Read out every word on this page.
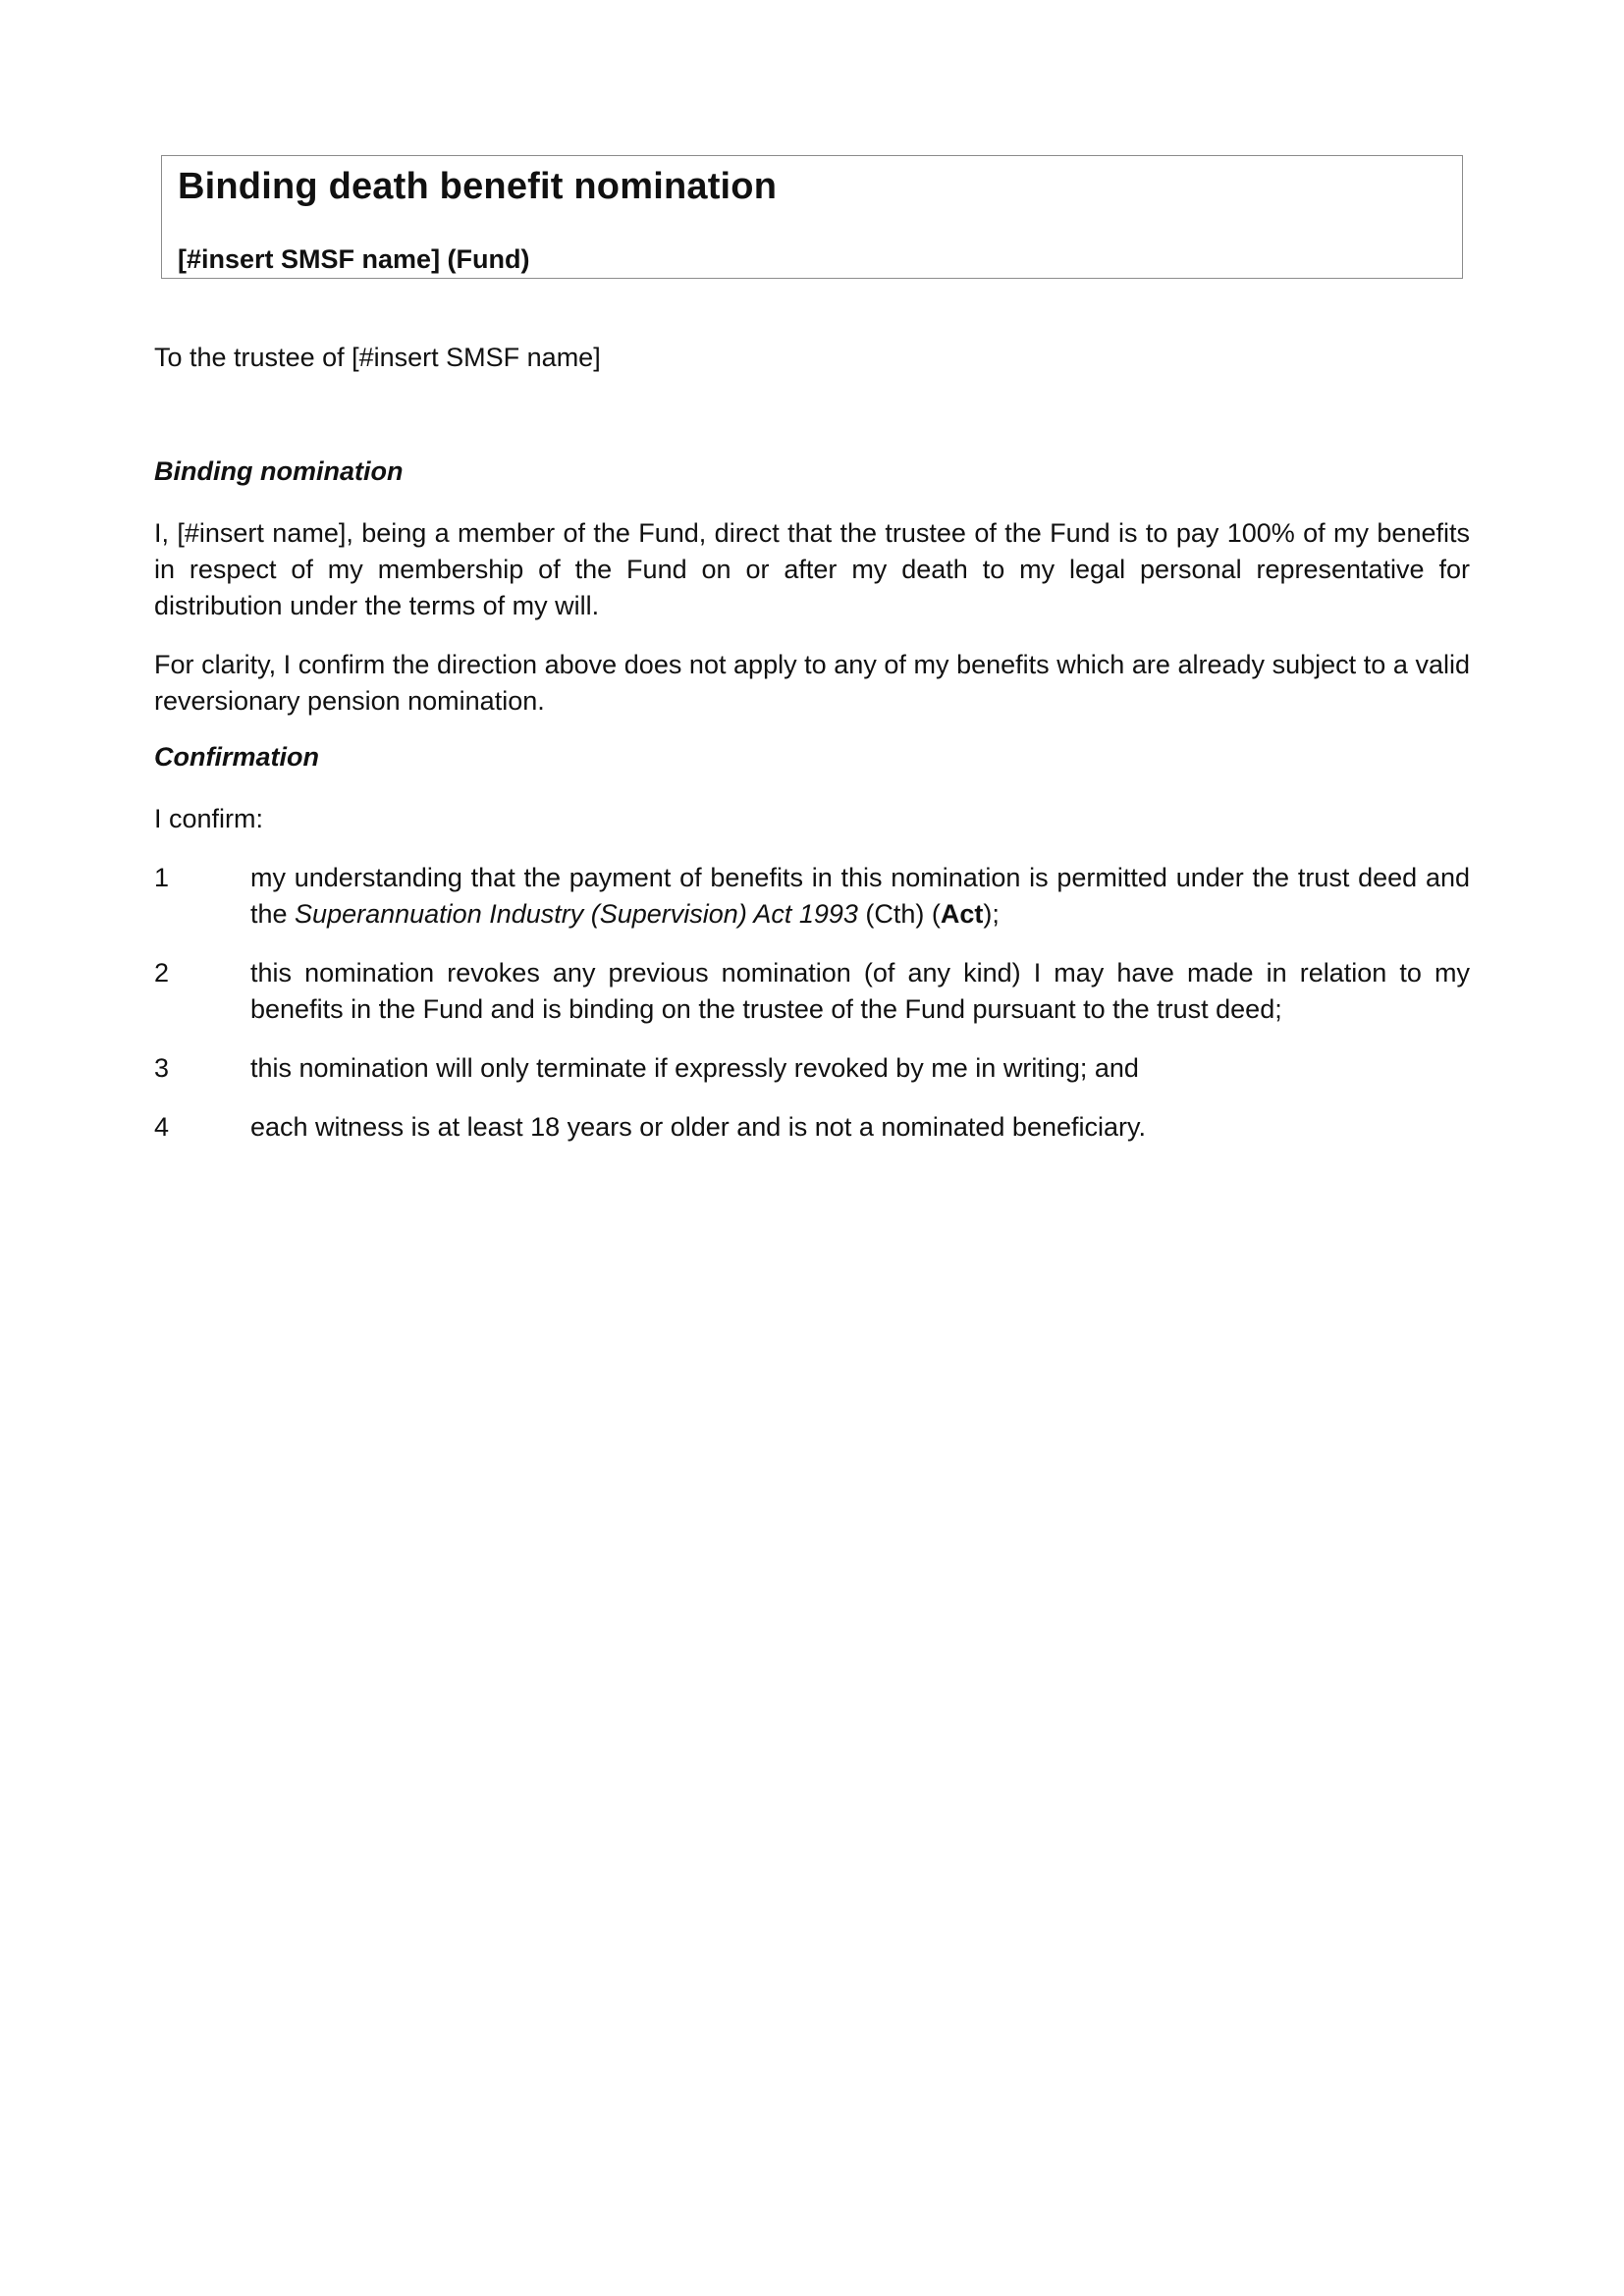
Binding death benefit nomination
[#insert SMSF name] (Fund)
To the trustee of [#insert SMSF name]
Binding nomination
I, [#insert name], being a member of the Fund, direct that the trustee of the Fund is to pay 100% of my benefits in respect of my membership of the Fund on or after my death to my legal personal representative for distribution under the terms of my will.
For clarity, I confirm the direction above does not apply to any of my benefits which are already subject to a valid reversionary pension nomination.
Confirmation
I confirm:
1	my understanding that the payment of benefits in this nomination is permitted under the trust deed and the Superannuation Industry (Supervision) Act 1993 (Cth) (Act);
2	this nomination revokes any previous nomination (of any kind) I may have made in relation to my benefits in the Fund and is binding on the trustee of the Fund pursuant to the trust deed;
3	this nomination will only terminate if expressly revoked by me in writing; and
4	each witness is at least 18 years or older and is not a nominated beneficiary.
